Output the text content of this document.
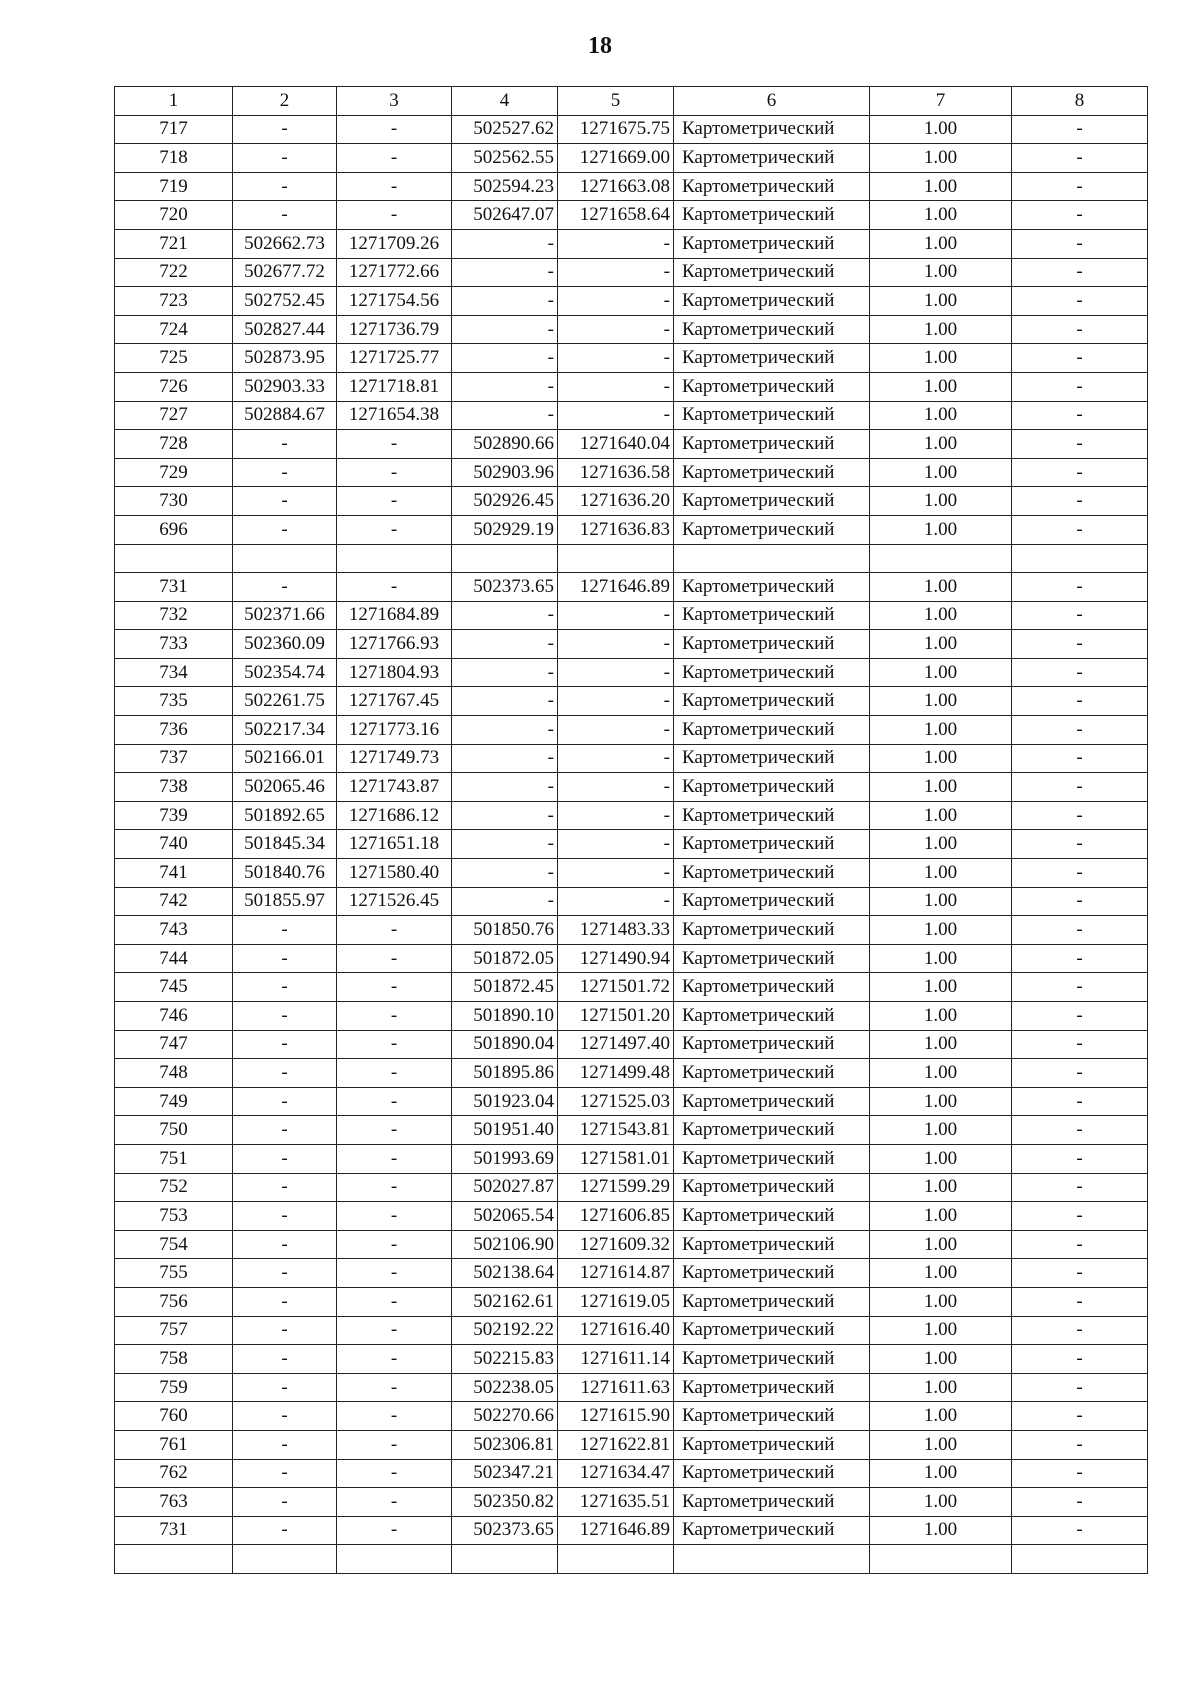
18
1	2	3	4	5	6	7	8
717	-	-	502527.62	1271675.75	Картометрический	1.00	-
718	-	-	502562.55	1271669.00	Картометрический	1.00	-
719	-	-	502594.23	1271663.08	Картометрический	1.00	-
720	-	-	502647.07	1271658.64	Картометрический	1.00	-
721	502662.73	1271709.26	-	-	Картометрический	1.00	-
722	502677.72	1271772.66	-	-	Картометрический	1.00	-
723	502752.45	1271754.56	-	-	Картометрический	1.00	-
724	502827.44	1271736.79	-	-	Картометрический	1.00	-
725	502873.95	1271725.77	-	-	Картометрический	1.00	-
726	502903.33	1271718.81	-	-	Картометрический	1.00	-
727	502884.67	1271654.38	-	-	Картометрический	1.00	-
728	-	-	502890.66	1271640.04	Картометрический	1.00	-
729	-	-	502903.96	1271636.58	Картометрический	1.00	-
730	-	-	502926.45	1271636.20	Картометрический	1.00	-
696	-	-	502929.19	1271636.83	Картометрический	1.00	-

731	-	-	502373.65	1271646.89	Картометрический	1.00	-
732	502371.66	1271684.89	-	-	Картометрический	1.00	-
733	502360.09	1271766.93	-	-	Картометрический	1.00	-
734	502354.74	1271804.93	-	-	Картометрический	1.00	-
735	502261.75	1271767.45	-	-	Картометрический	1.00	-
736	502217.34	1271773.16	-	-	Картометрический	1.00	-
737	502166.01	1271749.73	-	-	Картометрический	1.00	-
738	502065.46	1271743.87	-	-	Картометрический	1.00	-
739	501892.65	1271686.12	-	-	Картометрический	1.00	-
740	501845.34	1271651.18	-	-	Картометрический	1.00	-
741	501840.76	1271580.40	-	-	Картометрический	1.00	-
742	501855.97	1271526.45	-	-	Картометрический	1.00	-
743	-	-	501850.76	1271483.33	Картометрический	1.00	-
744	-	-	501872.05	1271490.94	Картометрический	1.00	-
745	-	-	501872.45	1271501.72	Картометрический	1.00	-
746	-	-	501890.10	1271501.20	Картометрический	1.00	-
747	-	-	501890.04	1271497.40	Картометрический	1.00	-
748	-	-	501895.86	1271499.48	Картометрический	1.00	-
749	-	-	501923.04	1271525.03	Картометрический	1.00	-
750	-	-	501951.40	1271543.81	Картометрический	1.00	-
751	-	-	501993.69	1271581.01	Картометрический	1.00	-
752	-	-	502027.87	1271599.29	Картометрический	1.00	-
753	-	-	502065.54	1271606.85	Картометрический	1.00	-
754	-	-	502106.90	1271609.32	Картометрический	1.00	-
755	-	-	502138.64	1271614.87	Картометрический	1.00	-
756	-	-	502162.61	1271619.05	Картометрический	1.00	-
757	-	-	502192.22	1271616.40	Картометрический	1.00	-
758	-	-	502215.83	1271611.14	Картометрический	1.00	-
759	-	-	502238.05	1271611.63	Картометрический	1.00	-
760	-	-	502270.66	1271615.90	Картометрический	1.00	-
761	-	-	502306.81	1271622.81	Картометрический	1.00	-
762	-	-	502347.21	1271634.47	Картометрический	1.00	-
763	-	-	502350.82	1271635.51	Картометрический	1.00	-
731	-	-	502373.65	1271646.89	Картометрический	1.00	-
